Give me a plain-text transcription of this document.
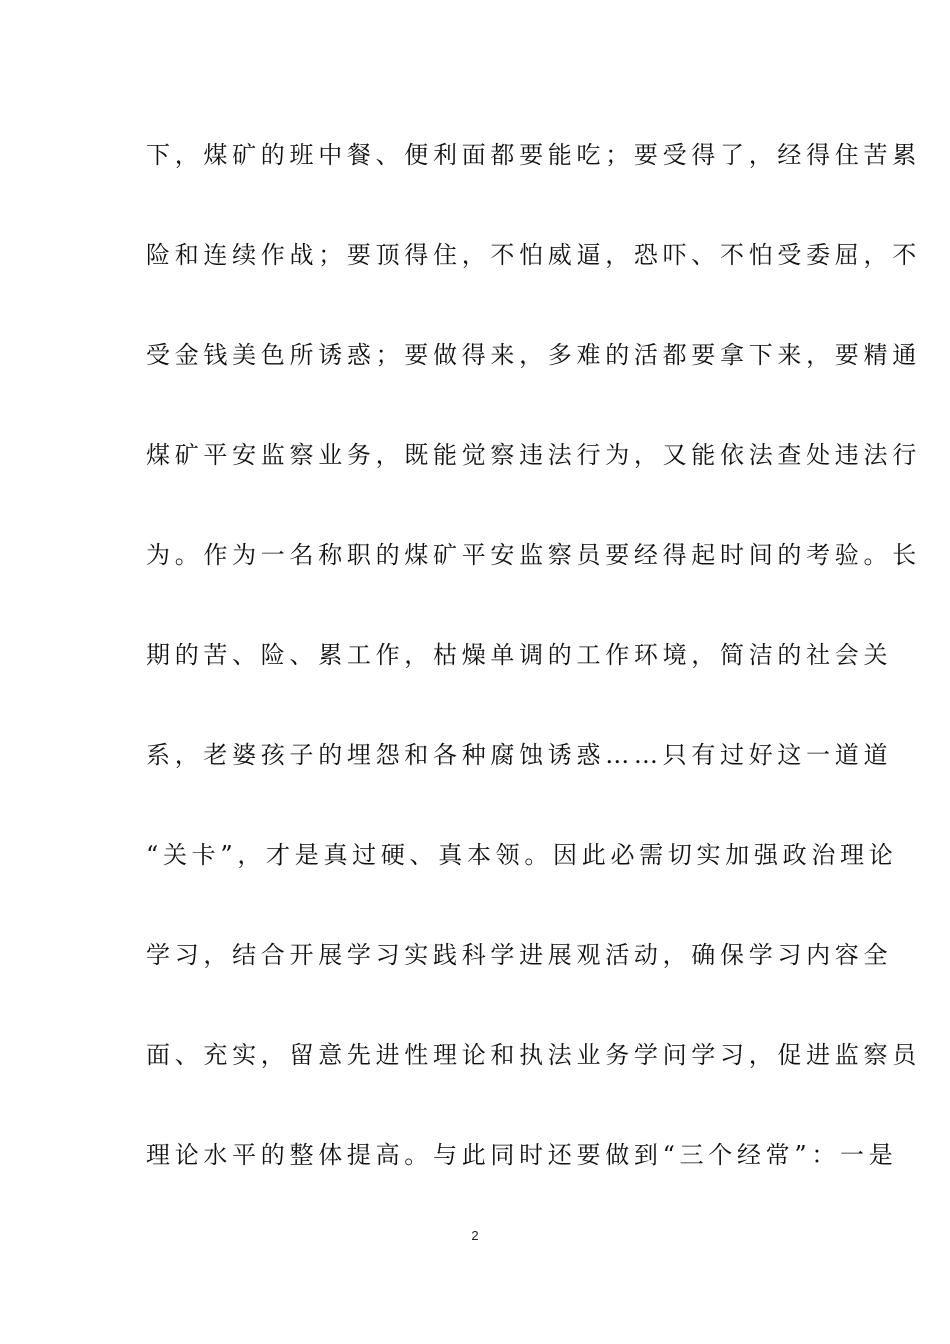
下，煤矿的班中餐、便利面都要能吃；要受得了，经得住苦累
险和连续作战；要顶得住，不怕威逼，恐吓、不怕受委屈，不
受金钱美色所诱惑；要做得来，多难的活都要拿下来，要精通
煤矿平安监察业务，既能觉察违法行为，又能依法查处违法行
为。作为一名称职的煤矿平安监察员要经得起时间的考验。长
期的苦、险、累工作，枯燥单调的工作环境，简洁的社会关
系，老婆孩子的埋怨和各种腐蚀诱惑……只有过好这一道道
“关卡”，才是真过硬、真本领。因此必需切实加强政治理论
学习，结合开展学习实践科学进展观活动，确保学习内容全
面、充实，留意先进性理论和执法业务学问学习，促进监察员
理论水平的整体提高。与此同时还要做到“三个经常”：一是
2
